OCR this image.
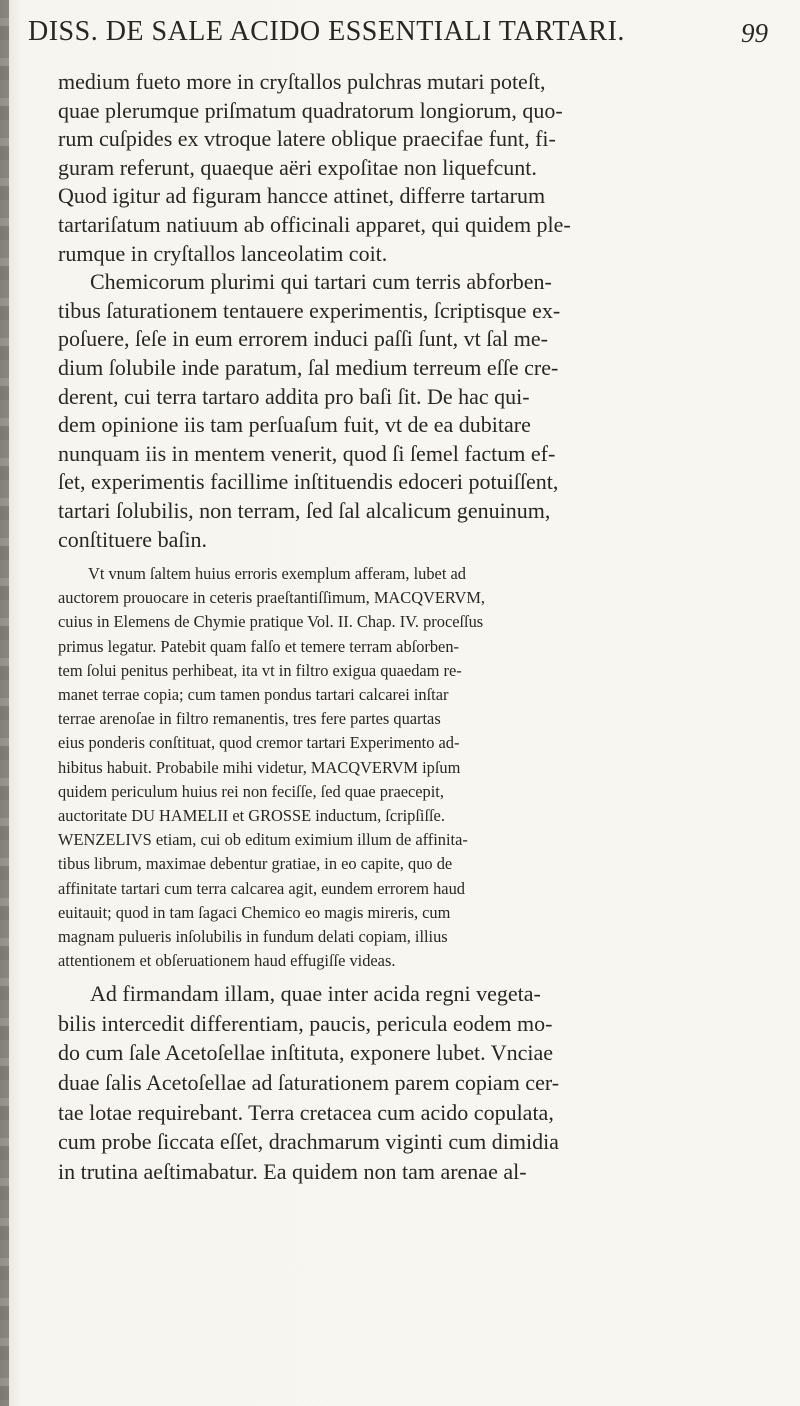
DISS. DE SALE ACIDO ESSENTIALI TARTARI.	99
medium fueto more in cryſtallos pulchras mutari poteſt,
quae plerumque priſmatum quadratorum longiorum, quo-
rum cuſpides ex vtroque latere oblique praecifae funt, fi-
guram referunt, quaeque aëri expoſitae non liquefcunt.
Quod igitur ad figuram hancce attinet, differre tartarum
tartariſatum natiuum ab officinali apparet, qui quidem ple-
rumque in cryſtallos lanceolatim coit.
Chemicorum plurimi qui tartari cum terris abforben-
tibus ſaturationem tentauere experimentis, ſcriptisque ex-
poſuere, ſeſe in eum errorem induci paſſi ſunt, vt ſal me-
dium ſolubile inde paratum, ſal medium terreum eſſe cre-
derent, cui terra tartaro addita pro baſi ſit. De hac qui-
dem opinione iis tam perſuaſum fuit, vt de ea dubitare
nunquam iis in mentem venerit, quod ſi ſemel factum ef-
ſet, experimentis facillime inſtituendis edoceri potuiſſent,
tartari ſolubilis, non terram, ſed ſal alcalicum genuinum,
conſtituere baſin.
Vt vnum ſaltem huius erroris exemplum afferam, lubet ad
auctorem prouocare in ceteris praeſtantiſſimum, MACQVERVM,
cuius in Elemens de Chymie pratique Vol. II. Chap. IV. proceſſus
primus legatur. Patebit quam falſo et temere terram abſorben-
tem ſolui penitus perhibeat, ita vt in filtro exigua quaedam re-
manet terrae copia; cum tamen pondus tartari calcarei inſtar
terrae arenoſae in filtro remanentis, tres fere partes quartas
eius ponderis conſtituat, quod cremor tartari Experimento ad-
hibitus habuit. Probabile mihi videtur, MACQVERVM ipſum
quidem periculum huius rei non feciſſe, ſed quae praecepit,
auctoritate DU HAMELII et GROSSE inductum, ſcripſiſſe.
WENZELIVS etiam, cui ob editum eximium illum de affinita-
tibus librum, maximae debentur gratiae, in eo capite, quo de
affinitate tartari cum terra calcarea agit, eundem errorem haud
euitauit; quod in tam ſagaci Chemico eo magis mireris, cum
magnam pulueris inſolubilis in fundum delati copiam, illius
attentionem et obſeruationem haud effugiſſe videas.
Ad firmandam illam, quae inter acida regni vegeta-
bilis intercedit differentiam, paucis, pericula eodem mo-
do cum ſale Acetoſellae inſtituta, exponere lubet. Vnciae
duae ſalis Acetoſellae ad ſaturationem parem copiam cer-
tae lotae requirebant. Terra cretacea cum acido copulata,
cum probe ſiccata eſſet, drachmarum viginti cum dimidia
in trutina aeſtimabatur. Ea quidem non tam arenae al-
